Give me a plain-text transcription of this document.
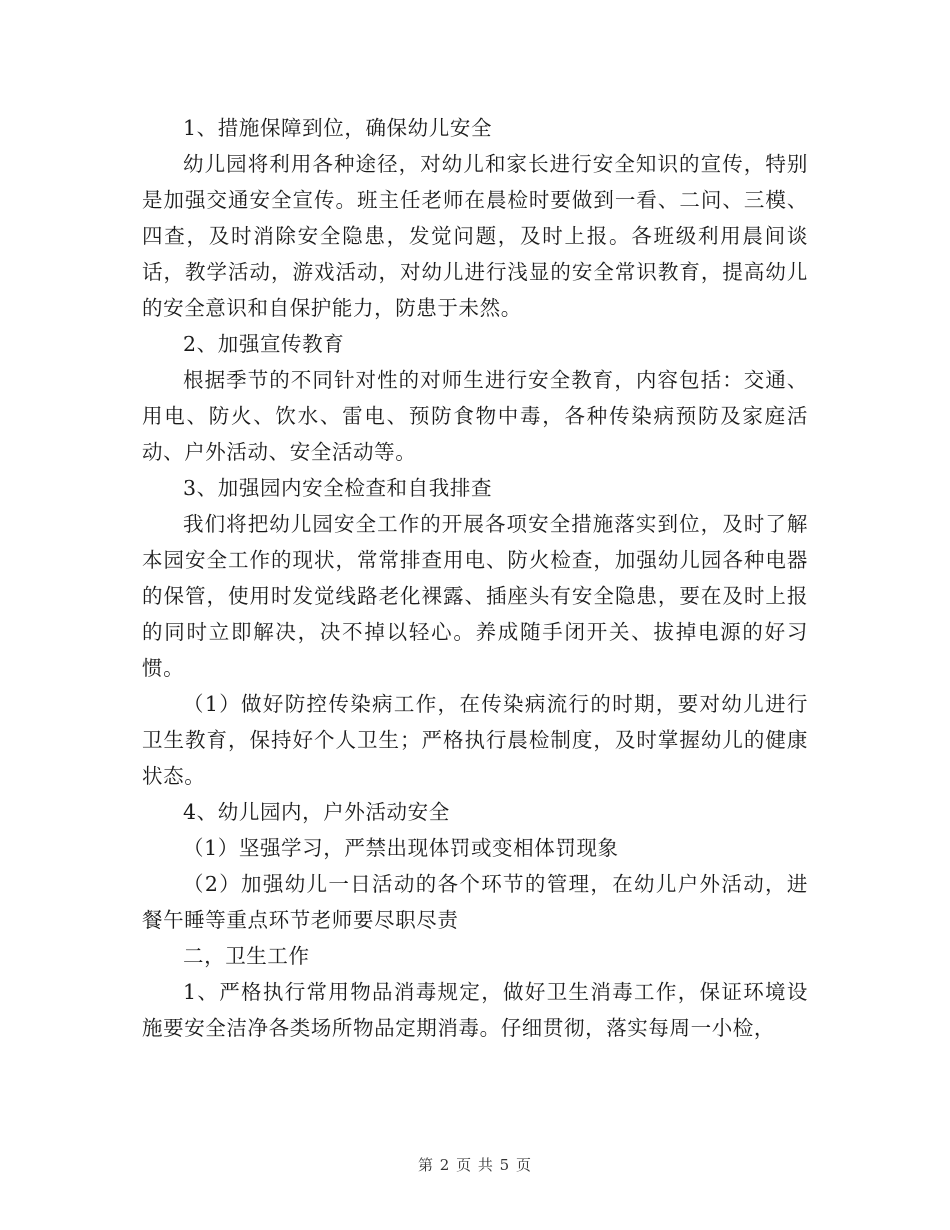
1、措施保障到位，确保幼儿安全

幼儿园将利用各种途径，对幼儿和家长进行安全知识的宣传，特别是加强交通安全宣传。班主任老师在晨检时要做到一看、二问、三模、四查，及时消除安全隐患，发觉问题，及时上报。各班级利用晨间谈话，教学活动，游戏活动，对幼儿进行浅显的安全常识教育，提高幼儿的安全意识和自保护能力，防患于未然。

2、加强宣传教育

根据季节的不同针对性的对师生进行安全教育，内容包括：交通、用电、防火、饮水、雷电、预防食物中毒，各种传染病预防及家庭活动、户外活动、安全活动等。

3、加强园内安全检查和自我排查

我们将把幼儿园安全工作的开展各项安全措施落实到位，及时了解本园安全工作的现状，常常排查用电、防火检查，加强幼儿园各种电器的保管，使用时发觉线路老化裸露、插座头有安全隐患，要在及时上报的同时立即解决，决不掉以轻心。养成随手闭开关、拔掉电源的好习惯。

（1）做好防控传染病工作，在传染病流行的时期，要对幼儿进行卫生教育，保持好个人卫生；严格执行晨检制度，及时掌握幼儿的健康状态。

4、幼儿园内，户外活动安全

（1）坚强学习，严禁出现体罚或变相体罚现象

（2）加强幼儿一日活动的各个环节的管理，在幼儿户外活动，进餐午睡等重点环节老师要尽职尽责

二，卫生工作

1、严格执行常用物品消毒规定，做好卫生消毒工作，保证环境设施要安全洁净各类场所物品定期消毒。仔细贯彻，落实每周一小检，

第 2 页 共 5 页
